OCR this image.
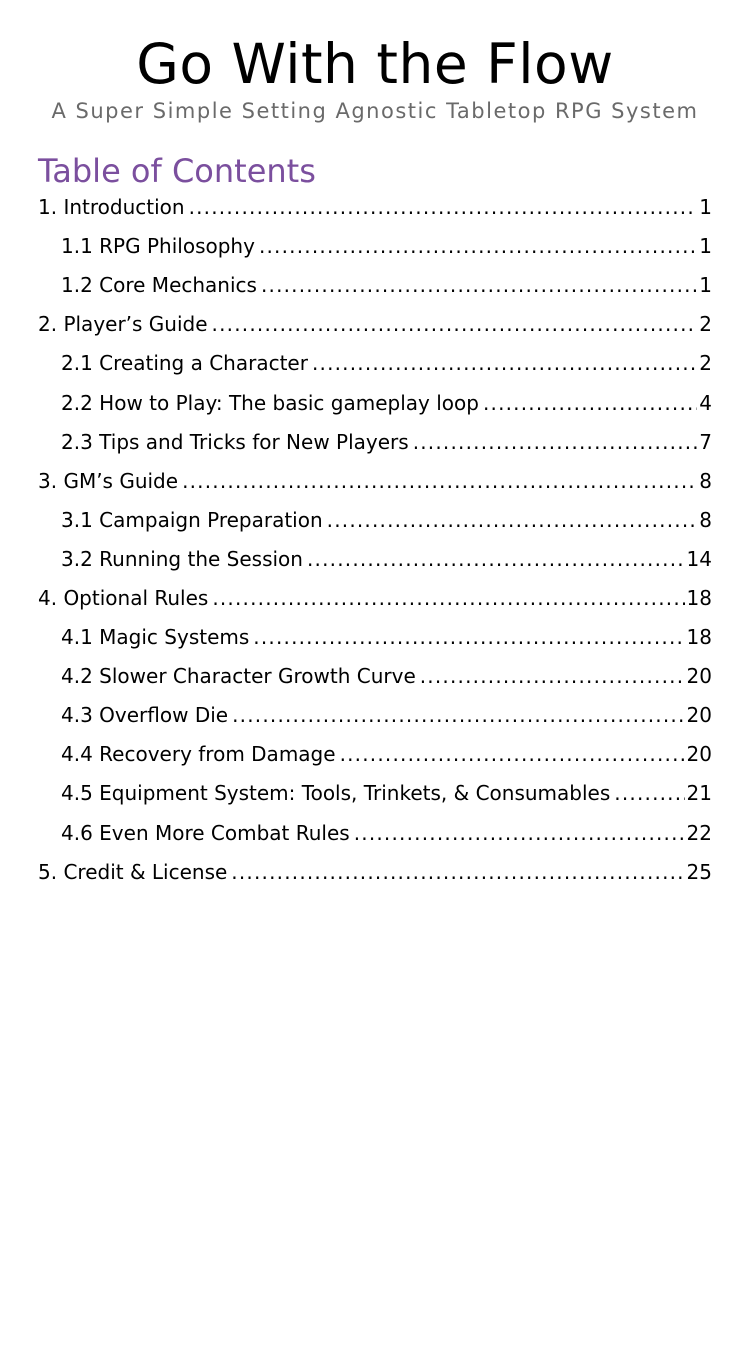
Go With the Flow
A Super Simple Setting Agnostic Tabletop RPG System
Table of Contents
1. Introduction .....	1
1.1 RPG Philosophy .....	1
1.2 Core Mechanics .....	1
2. Player’s Guide .....	2
2.1 Creating a Character .....	2
2.2 How to Play: The basic gameplay loop .....	4
2.3 Tips and Tricks for New Players .....	7
3. GM’s Guide .....	8
3.1 Campaign Preparation .....	8
3.2 Running the Session .....	14
4. Optional Rules .....	18
4.1 Magic Systems .....	18
4.2 Slower Character Growth Curve .....	20
4.3 Overflow Die .....	20
4.4 Recovery from Damage .....	20
4.5 Equipment System: Tools, Trinkets, & Consumables .....	21
4.6 Even More Combat Rules .....	22
5. Credit & License .....	25
